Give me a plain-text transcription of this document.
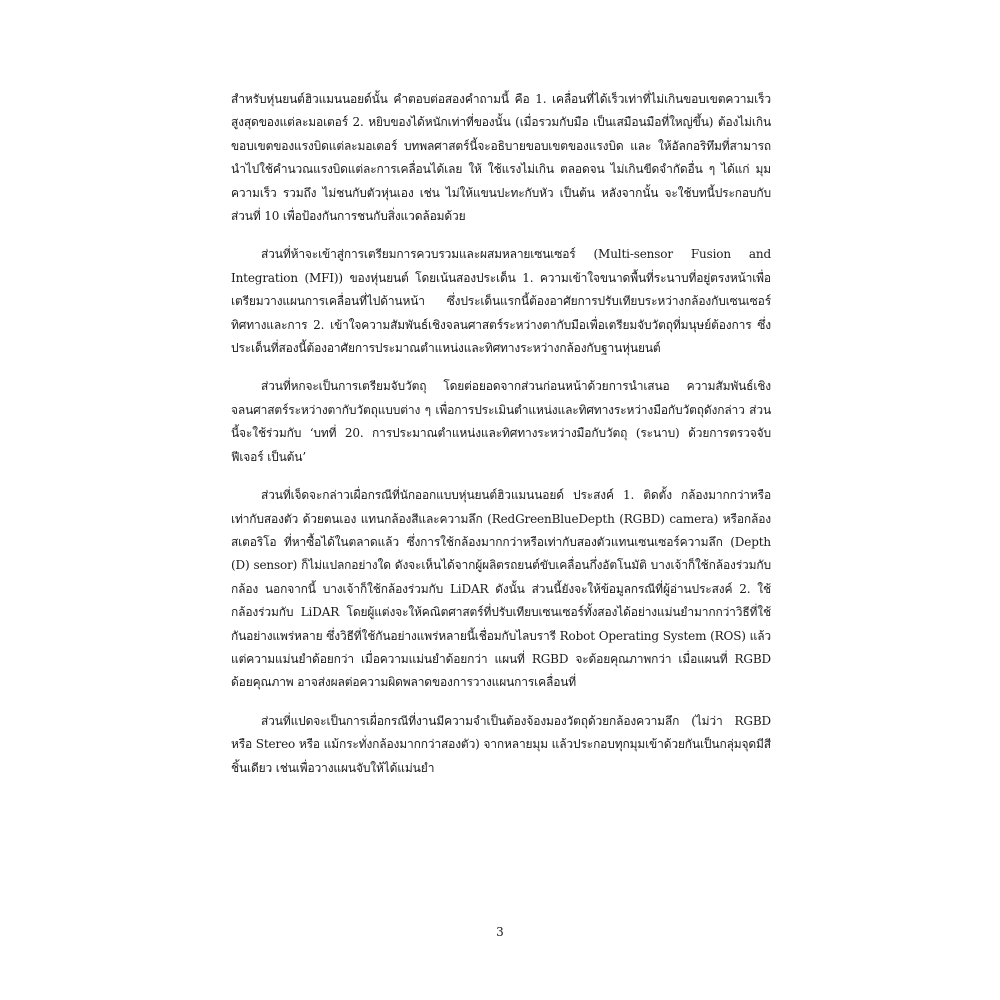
สำหรับหุ่นยนต์ฮิวแมนนอยด์นั้น คำตอบต่อสองคำถามนี้ คือ 1. เคลื่อนที่ได้เร็วเท่าที่ไม่เกินขอบเขตความเร็วสูงสุดของแต่ละมอเตอร์ 2. หยิบของได้หนักเท่าที่ของนั้น (เมื่อรวมกับมือ เป็นเสมือนมือที่ใหญ่ขึ้น) ต้องไม่เกินขอบเขตของแรงบิดแต่ละมอเตอร์ บทพลศาสตร์นี้จะอธิบายขอบเขตของแรงบิด และ ให้อัลกอริทึมที่สามารถนำไปใช้คำนวณแรงบิดแต่ละการเคลื่อนได้เลย ให้ ใช้แรงไม่เกิน ตลอดจน ไม่เกินขีดจำกัดอื่น ๆ ได้แก่ มุม ความเร็ว รวมถึง ไม่ชนกับตัวหุ่นเอง เช่น ไม่ให้แขนปะทะกับหัว เป็นต้น หลังจากนั้น จะใช้บทนี้ประกอบกับส่วนที่ 10 เพื่อป้องกันการชนกับสิ่งแวดล้อมด้วย

ส่วนที่ห้าจะเข้าสู่การเตรียมการควบรวมและผสมหลายเซนเซอร์ (Multi-sensor Fusion and Integration (MFI)) ของหุ่นยนต์ โดยเน้นสองประเด็น 1. ความเข้าใจขนาดพื้นที่ระนาบที่อยู่ตรงหน้าเพื่อเตรียมวางแผนการเคลื่อนที่ไปด้านหน้า ซึ่งประเด็นแรกนี้ต้องอาศัยการปรับเทียบระหว่างกล้องกับเซนเซอร์ทิศทางและการ 2. เข้าใจความสัมพันธ์เชิงจลนศาสตร์ระหว่างตากับมือเพื่อเตรียมจับวัตถุที่มนุษย์ต้องการ ซึ่งประเด็นที่สองนี้ต้องอาศัยการประมาณตำแหน่งและทิศทางระหว่างกล้องกับฐานหุ่นยนต์

ส่วนที่หกจะเป็นการเตรียมจับวัตถุ โดยต่อยอดจากส่วนก่อนหน้าด้วยการนำเสนอ ความสัมพันธ์เชิงจลนศาสตร์ระหว่างตากับวัตถุแบบต่าง ๆ เพื่อการประเมินตำแหน่งและทิศทางระหว่างมือกับวัตถุดังกล่าว ส่วนนี้จะใช้ร่วมกับ ‘บทที่ 20. การประมาณตำแหน่งและทิศทางระหว่างมือกับวัตถุ (ระนาบ) ด้วยการตรวจจับฟีเจอร์ เป็นต้น’

ส่วนที่เจ็ดจะกล่าวเผื่อกรณีที่นักออกแบบหุ่นยนต์ฮิวแมนนอยด์ ประสงค์ 1. ติดตั้ง กล้องมากกว่าหรือเท่ากับสองตัว ด้วยตนเอง แทนกล้องสีและความลึก (RedGreenBlueDepth (RGBD) camera) หรือกล้องสเตอริโอ ที่หาซื้อได้ในตลาดแล้ว ซึ่งการใช้กล้องมากกว่าหรือเท่ากับสองตัวแทนเซนเซอร์ความลึก (Depth (D) sensor) ก็ไม่แปลกอย่างใด ดังจะเห็นได้จากผู้ผลิตรถยนต์ขับเคลื่อนกึ่งอัตโนมัติ บางเจ้าก็ใช้กล้องร่วมกับกล้อง นอกจากนี้ บางเจ้าก็ใช้กล้องร่วมกับ LiDAR ดังนั้น ส่วนนี้ยังจะให้ข้อมูลกรณีที่ผู้อ่านประสงค์ 2. ใช้ กล้องร่วมกับ LiDAR โดยผู้แต่งจะให้คณิตศาสตร์ที่ปรับเทียบเซนเซอร์ทั้งสองได้อย่างแม่นยำมากกว่าวิธีที่ใช้กันอย่างแพร่หลาย ซึ่งวิธีที่ใช้กันอย่างแพร่หลายนี้เชื่อมกับไลบรารี Robot Operating System (ROS) แล้ว แต่ความแม่นยำด้อยกว่า เมื่อความแม่นยำด้อยกว่า แผนที่ RGBD จะด้อยคุณภาพกว่า เมื่อแผนที่ RGBD ด้อยคุณภาพ อาจส่งผลต่อความผิดพลาดของการวางแผนการเคลื่อนที่

ส่วนที่แปดจะเป็นการเผื่อกรณีที่งานมีความจำเป็นต้องจ้องมองวัตถุด้วยกล้องความลึก (ไม่ว่า RGBD หรือ Stereo หรือ แม้กระทั่งกล้องมากกว่าสองตัว) จากหลายมุม แล้วประกอบทุกมุมเข้าด้วยกันเป็นกลุ่มจุดมีสีชิ้นเดียว เช่นเพื่อวางแผนจับให้ได้แม่นยำ

3
